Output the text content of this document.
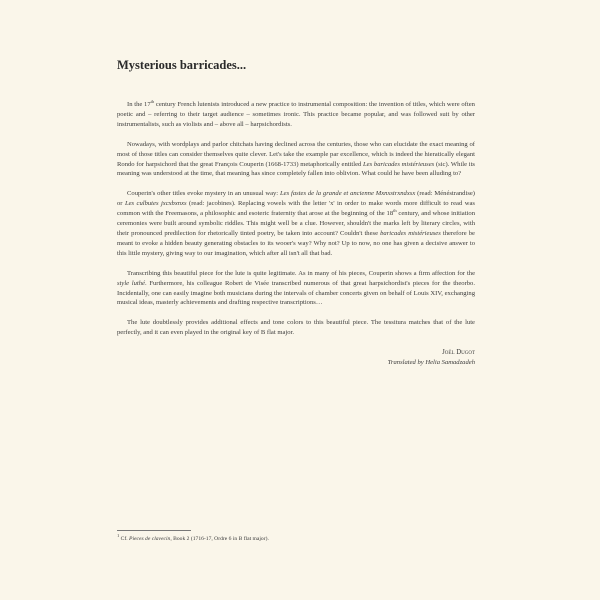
Mysterious barricades...

In the 17th century French lutenists introduced a new practice to instrumental composition: the invention of titles, which were often poetic and – referring to their target audience – sometimes ironic. This practice became popular, and was followed suit by other instrumentalists, such as violists and – above all – harpsichordists.

Nowadays, with wordplays and parlor chitchats having declined across the centuries, those who can elucidate the exact meaning of most of those titles can consider themselves quite clever. Let's take the example par excellence, which is indeed the hieratically elegant Rondo for harpsichord that the great François Couperin (1668-1733) metaphorically entitled Les baricades mistérieuses (sic). While its meaning was understood at the time, that meaning has since completely fallen into oblivion. What could he have been alluding to?

Couperin's other titles evoke mystery in an unusual way: Les fastes de la grande et ancienne Mxnxstrxndxsx (read: Ménéstrandise) or Les culbutes jxcxbxnxs (read: jacobines). Replacing vowels with the letter 'x' in order to make words more difficult to read was common with the Freemasons, a philosophic and esoteric fraternity that arose at the beginning of the 18th century, and whose initiation ceremonies were built around symbolic riddles. This might well be a clue. However, shouldn't the marks left by literary circles, with their pronounced predilection for rhetorically tinted poetry, be taken into account? Couldn't these baricades mistérieuses therefore be meant to evoke a hidden beauty generating obstacles to its wooer's way? Why not? Up to now, no one has given a decisive answer to this little mystery, giving way to our imagination, which after all isn't all that bad.

Transcribing this beautiful piece for the lute is quite legitimate. As in many of his pieces, Couperin shows a firm affection for the style luthé. Furthermore, his colleague Robert de Visée transcribed numerous of that great harpsichordist's pieces for the theorbo. Incidentally, one can easily imagine both musicians during the intervals of chamber concerts given on behalf of Louis XIV, exchanging musical ideas, masterly achievements and drafting respective transcriptions…

The lute doubtlessly provides additional effects and tone colors to this beautiful piece. The tessitura matches that of the lute perfectly, and it can even played in the original key of B flat major.

Joël Dugot
Translated by Helia Samadzadeh
$^1$ Cf. Pieces de clavecin, Book 2 (1716-17, Ordre 6 in B flat major).
